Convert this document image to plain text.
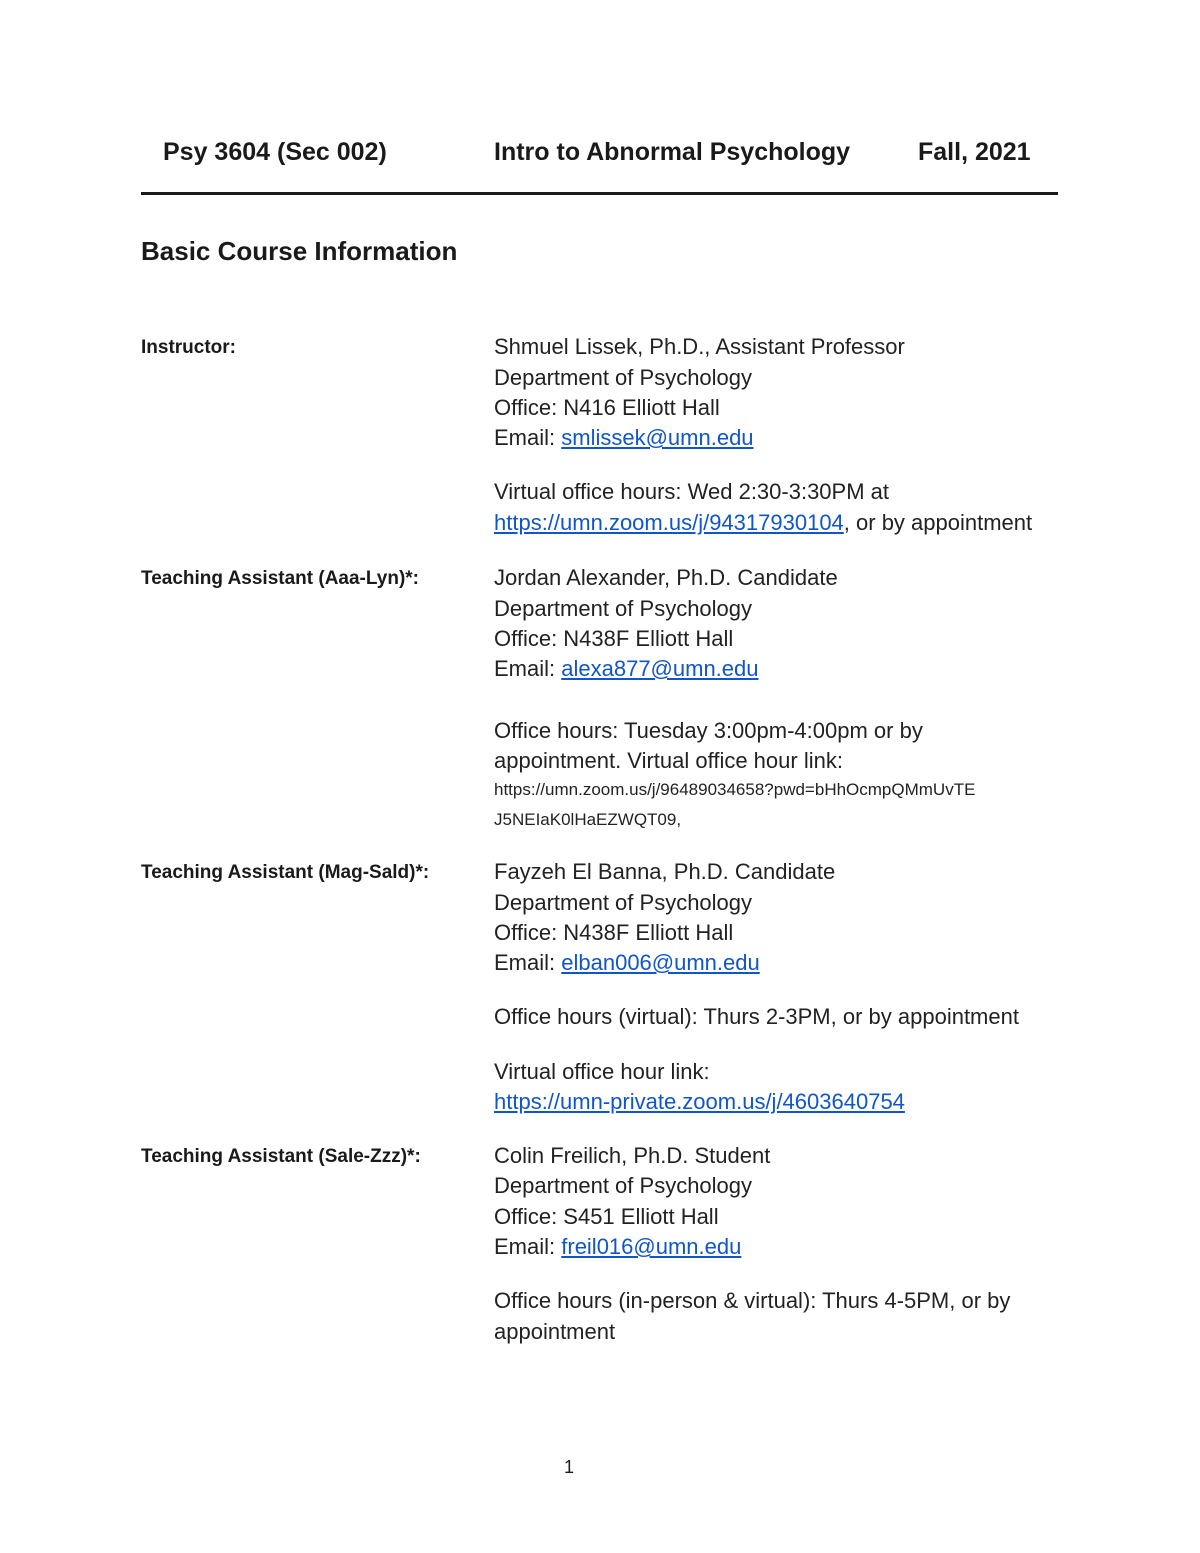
Psy 3604 (Sec 002)	Intro to Abnormal Psychology	Fall, 2021
Basic Course Information
Instructor:	Shmuel Lissek, Ph.D., Assistant Professor
Department of Psychology
Office: N416 Elliott Hall
Email: smlissek@umn.edu
Virtual office hours: Wed 2:30-3:30PM at
https://umn.zoom.us/j/94317930104, or by appointment
Teaching Assistant (Aaa-Lyn)*:	Jordan Alexander, Ph.D. Candidate
Department of Psychology
Office: N438F Elliott Hall
Email: alexa877@umn.edu
Office hours: Tuesday 3:00pm-4:00pm or by
appointment. Virtual office hour link:
https://umn.zoom.us/j/96489034658?pwd=bHhOcmpQMmUvTE
J5NEIaK0lHaEZWQT09,
Teaching Assistant (Mag-Sald)*:	Fayzeh El Banna, Ph.D. Candidate
Department of Psychology
Office: N438F Elliott Hall
Email: elban006@umn.edu
Office hours (virtual): Thurs 2-3PM, or by appointment
Virtual office hour link:
https://umn-private.zoom.us/j/4603640754
Teaching Assistant (Sale-Zzz)*:	Colin Freilich, Ph.D. Student
Department of Psychology
Office: S451 Elliott Hall
Email: freil016@umn.edu
Office hours (in-person & virtual): Thurs 4-5PM, or by
appointment
1
